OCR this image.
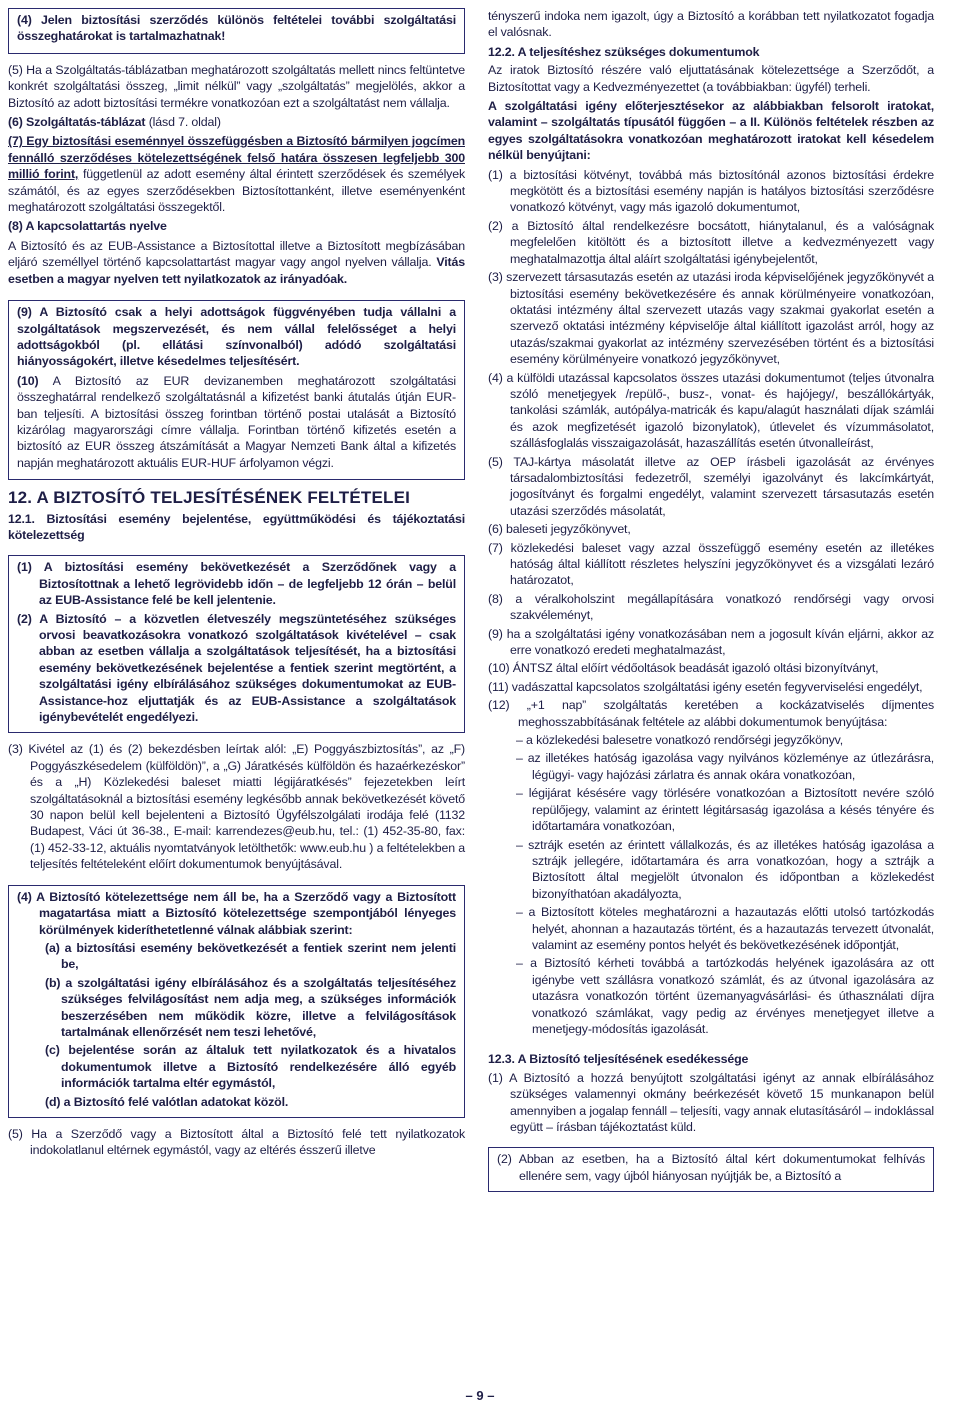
(4) Jelen biztosítási szerződés különös feltételei további szolgáltatási összeghatárokat is tartalmazhatnak!

(5) Ha a Szolgáltatás-táblázatban meghatározott szolgáltatás mellett nincs feltüntetve konkrét szolgáltatási összeg, „limit nélkül” vagy „szolgáltatás” megjelölés, akkor a Biztosító az adott biztosítási termékre vonatkozóan ezt a szolgáltatást nem vállalja.

(6) Szolgáltatás-táblázat (lásd 7. oldal)

(7) Egy biztosítási eseménnyel összefüggésben a Biztosító bármilyen jogcímen fennálló szerződéses kötelezettségének felső határa összesen legfeljebb 300 millió forint, függetlenül az adott esemény által érintett szerződések és személyek számától, és az egyes szerződésekben Biztosítottanként, illetve eseményenként meghatározott szolgáltatási összegektől.

(8) A kapcsolattartás nyelve

A Biztosító és az EUB-Assistance a Biztosítottal illetve a Biztosított megbízásában eljáró személlyel történő kapcsolattartást magyar vagy angol nyelven vállalja. Vitás esetben a magyar nyelven tett nyilatkozatok az irányadóak.

(9) A Biztosító csak a helyi adottságok függvényében tudja vállalni a szolgáltatások megszervezését, és nem vállal felelősséget a helyi adottságokból (pl. ellátási színvonalból) adódó szolgáltatási hiányosságokért, illetve késedelmes teljesítésért.

(10) A Biztosító az EUR devizanemben meghatározott szolgáltatási összeghatárral rendelkező szolgáltatásnál a kifizetést banki átutalás útján EUR-ban teljesíti. A biztosítási összeg forintban történő postai utalását a Biztosító kizárólag magyarországi címre vállalja. Forintban történő kifizetés esetén a biztosító az EUR összeg átszámítását a Magyar Nemzeti Bank által a kifizetés napján meghatározott aktuális EUR-HUF árfolyamon végzi.

12. A BIZTOSÍTÓ TELJESÍTÉSÉNEK FELTÉTELEI

12.1. Biztosítási esemény bejelentése, együttműködési és tájékoztatási kötelezettség

(1) A biztosítási esemény bekövetkezését a Szerződőnek vagy a Biztosítottnak a lehető legrövidebb időn – de legfeljebb 12 órán – belül az EUB-Assistance felé be kell jelentenie.

(2) A Biztosító – a közvetlen életveszély megszüntetéséhez szükséges orvosi beavatkozásokra vonatkozó szolgáltatások kivételével – csak abban az esetben vállalja a szolgáltatások teljesítését, ha a biztosítási esemény bekövetkezésének bejelentése a fentiek szerint megtörtént, a szolgáltatási igény elbírálásához szükséges dokumentumokat az EUB-Assistance-hoz eljuttatják és az EUB-Assistance a szolgáltatások igénybevételét engedélyezi.

(3) Kivétel az (1) és (2) bekezdésben leírtak alól: „E) Poggyászbiztosítás”, az „F) Poggyászkésedelem (külföldön)”, a „G) Járatkésés külföldön és hazaérkezéskor” és a „H) Közlekedési baleset miatti légijáratkésés” fejezetekben leírt szolgáltatásoknál a biztosítási esemény legkésőbb annak bekövetkezését követő 30 napon belül kell bejelenteni a Biztosító Ügyfélszolgálati irodája felé (1132 Budapest, Váci út 36-38., E-mail: karrendezes@eub.hu, tel.: (1) 452-35-80, fax: (1) 452-33-12, aktuális nyomtatványok letölthetők: www.eub.hu ) a feltételekben a teljesítés feltételeként előírt dokumentumok benyújtásával.

(4) A Biztosító kötelezettsége nem áll be, ha a Szerződő vagy a Biztosított magatartása miatt a Biztosító kötelezettsége szempontjából lényeges körülmények kideríthetetlenné válnak alábbiak szerint:

(a) a biztosítási esemény bekövetkezését a fentiek szerint nem jelenti be,

(b) a szolgáltatási igény elbírálásához és a szolgáltatás teljesítéséhez szükséges felvilágosítást nem adja meg, a szükséges információk beszerzésében nem működik közre, illetve a felvilágosítások tartalmának ellenőrzését nem teszi lehetővé,

(c) bejelentése során az általuk tett nyilatkozatok és a hivatalos dokumentumok illetve a Biztosító rendelkezésére álló egyéb információk tartalma eltér egymástól,

(d) a Biztosító felé valótlan adatokat közöl.

(5) Ha a Szerződő vagy a Biztosított által a Biztosító felé tett nyilatkozatok indokolatlanul eltérnek egymástól, vagy az eltérés ésszerű illetve

tényszerű indoka nem igazolt, úgy a Biztosító a korábban tett nyilatkozatot fogadja el valósnak.

12.2. A teljesítéshez szükséges dokumentumok

Az iratok Biztosító részére való eljuttatásának kötelezettsége a Szerződőt, a Biztosítottat vagy a Kedvezményezettet (a továbbiakban: ügyfél) terheli.

A szolgáltatási igény előterjesztésekor az alábbiakban felsorolt iratokat, valamint – szolgáltatás típusától függően – a II. Különös feltételek részben az egyes szolgáltatásokra vonatkozóan meghatározott iratokat kell késedelem nélkül benyújtani:

(1) a biztosítási kötvényt, továbbá más biztosítónál azonos biztosítási érdekre megkötött és a biztosítási esemény napján is hatályos biztosítási szerződésre vonatkozó kötvényt, vagy más igazoló dokumentumot,

(2) a Biztosító által rendelkezésre bocsátott, hiánytalanul, és a valóságnak megfelelően kitöltött és a biztosított illetve a kedvezményezett vagy meghatalmazottja által aláírt szolgáltatási igénybejelentőt,

(3) szervezett társasutazás esetén az utazási iroda képviselőjének jegyzőkönyvét a biztosítási esemény bekövetkezésére és annak körülményeire vonatkozóan, oktatási intézmény által szervezett utazás vagy szakmai gyakorlat esetén a szervező oktatási intézmény képviselője által kiállított igazolást arról, hogy az utazás/szakmai gyakorlat az intézmény szervezésében történt és a biztosítási esemény körülményeire vonatkozó jegyzőkönyvet,

(4) a külföldi utazással kapcsolatos összes utazási dokumentumot (teljes útvonalra szóló menetjegyek /repülő-, busz-, vonat- és hajójegy/, beszállókártyák, tankolási számlák, autópálya-matricák és kapu/alagút használati díjak számlái és azok megfizetését igazoló bizonylatok), útlevelet és vízummásolatot, szállásfoglalás visszaigazolását, hazaszállítás esetén útvonalleírást,

(5) TAJ-kártya másolatát illetve az OEP írásbeli igazolását az érvényes társadalombiztosítási fedezetről, személyi igazolványt és lakcímkártyát, jogosítványt és forgalmi engedélyt, valamint szervezett társasutazás esetén utazási szerződés másolatát,

(6) baleseti jegyzőkönyvet,

(7) közlekedési baleset vagy azzal összefüggő esemény esetén az illetékes hatóság által kiállított részletes helyszíni jegyzőkönyvet és a vizsgálati lezáró határozatot,

(8) a véralkoholszint megállapítására vonatkozó rendőrségi vagy orvosi szakvéleményt,

(9) ha a szolgáltatási igény vonatkozásában nem a jogosult kíván eljárni, akkor az erre vonatkozó eredeti meghatalmazást,

(10) ÁNTSZ által előírt védőoltások beadását igazoló oltási bizonyítványt,

(11) vadászattal kapcsolatos szolgáltatási igény esetén fegyverviselési engedélyt,

(12) „+1 nap” szolgáltatás keretében a kockázatviselés díjmentes meghosszabbításának feltétele az alábbi dokumentumok benyújtása:

– a közlekedési balesetre vonatkozó rendőrségi jegyzőkönyv,

– az illetékes hatóság igazolása vagy nyilvános közleménye az útlezárásra, légügyi- vagy hajózási zárlatra és annak okára vonatkozóan,

– légijárat késésére vagy törlésére vonatkozóan a Biztosított nevére szóló repülőjegy, valamint az érintett légitársaság igazolása a késés tényére és időtartamára vonatkozóan,

– sztrájk esetén az érintett vállalkozás, és az illetékes hatóság igazolása a sztrájk jellegére, időtartamára és arra vonatkozóan, hogy a sztrájk a Biztosított által megjelölt útvonalon és időpontban a közlekedést bizonyíthatóan akadályozta,

– a Biztosított köteles meghatározni a hazautazás előtti utolsó tartózkodás helyét, ahonnan a hazautazás történt, és a hazautazás tervezett útvonalát, valamint az esemény pontos helyét és bekövetkezésének időpontját,

– a Biztosító kérheti továbbá a tartózkodás helyének igazolására az ott igénybe vett szállásra vonatkozó számlát, és az útvonal igazolására az utazásra vonatkozón történt üzemanyagvásárlási- és úthasználati díjra vonatkozó számlákat, vagy pedig az érvényes menetjegyet illetve a menetjegy-módosítás igazolását.

12.3. A Biztosító teljesítésének esedékessége

(1) A Biztosító a hozzá benyújtott szolgáltatási igényt az annak elbírálásához szükséges valamennyi okmány beérkezését követő 15 munkanapon belül amennyiben a jogalap fennáll – teljesíti, vagy annak elutasításáról – indoklással együtt – írásban tájékoztatást küld.

(2) Abban az esetben, ha a Biztosító által kért dokumentumokat felhívás ellenére sem, vagy újból hiányosan nyújtják be, a Biztosító a

– 9 –
